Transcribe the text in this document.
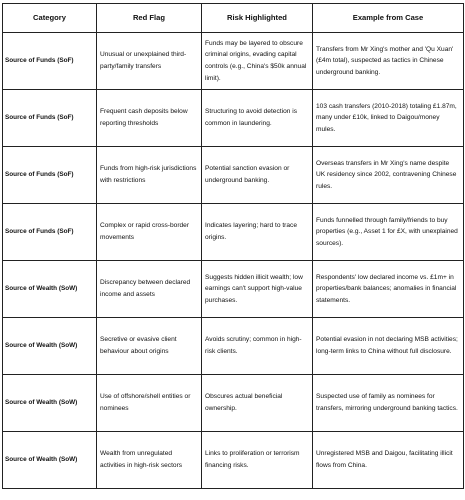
Category	Red Flag	Risk Highlighted	Example from Case
Source of Funds (SoF)	Unusual or unexplained third-party/family transfers	Funds may be layered to obscure criminal origins, evading capital controls (e.g., China's $50k annual limit).	Transfers from Mr Xing's mother and 'Qu Xuan' (£4m total), suspected as tactics in Chinese underground banking.
Source of Funds (SoF)	Frequent cash deposits below reporting thresholds	Structuring to avoid detection is common in laundering.	103 cash transfers (2010-2018) totaling £1.87m, many under £10k, linked to Daigou/money mules.
Source of Funds (SoF)	Funds from high-risk jurisdictions with restrictions	Potential sanction evasion or underground banking.	Overseas transfers in Mr Xing's name despite UK residency since 2002, contravening Chinese rules.
Source of Funds (SoF)	Complex or rapid cross-border movements	Indicates layering; hard to trace origins.	Funds funnelled through family/friends to buy properties (e.g., Asset 1 for £X, with unexplained sources).
Source of Wealth (SoW)	Discrepancy between declared income and assets	Suggests hidden illicit wealth; low earnings can't support high-value purchases.	Respondents' low declared income vs. £1m+ in properties/bank balances; anomalies in financial statements.
Source of Wealth (SoW)	Secretive or evasive client behaviour about origins	Avoids scrutiny; common in high-risk clients.	Potential evasion in not declaring MSB activities; long-term links to China without full disclosure.
Source of Wealth (SoW)	Use of offshore/shell entities or nominees	Obscures actual beneficial ownership.	Suspected use of family as nominees for transfers, mirroring underground banking tactics.
Source of Wealth (SoW)	Wealth from unregulated activities in high-risk sectors	Links to proliferation or terrorism financing risks.	Unregistered MSB and Daigou, facilitating illicit flows from China.
